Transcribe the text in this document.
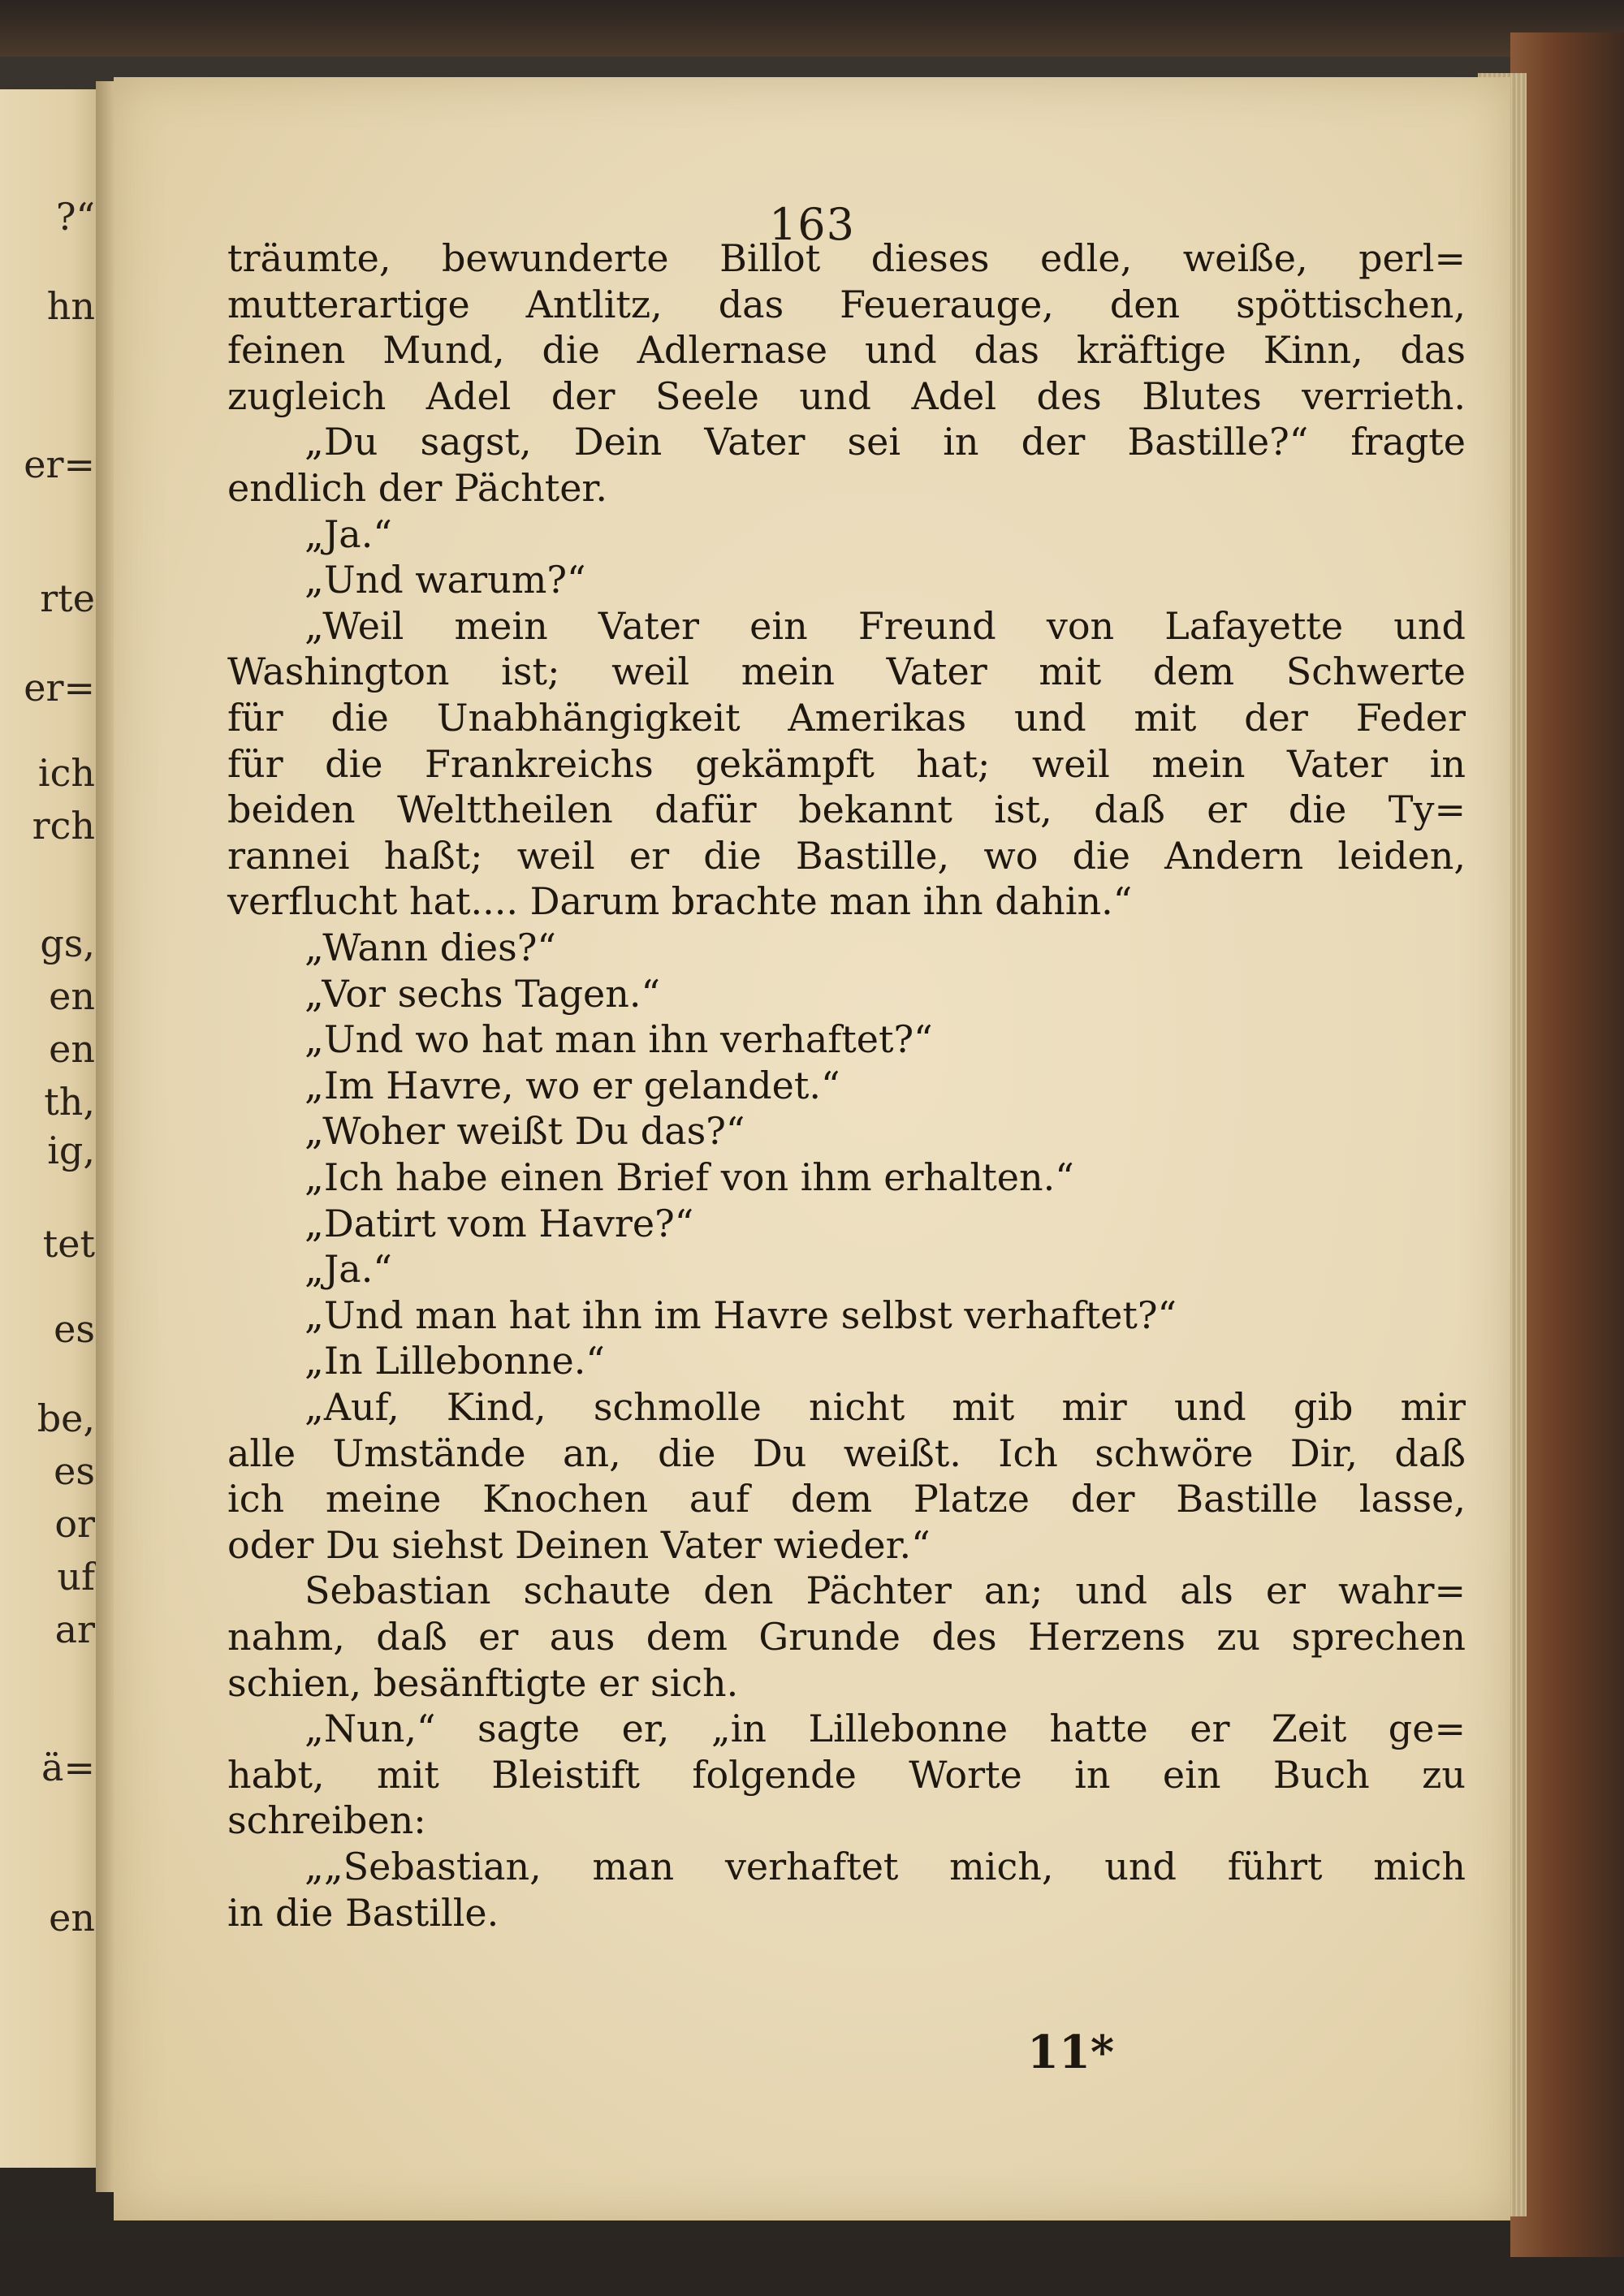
?“
hn
er=
rte
er=
ich
rch
gs,
en
en
th,
ig,
tet
es
be,
es
or
uf
ar
ä=
en
163
11*
träumte, bewunderte Billot dieses edle, weiße, perl=
mutterartige Antlitz, das Feuerauge, den spöttischen,
feinen Mund, die Adlernase und das kräftige Kinn, das
zugleich Adel der Seele und Adel des Blutes verrieth.
„Du sagst, Dein Vater sei in der Bastille?“ fragte
endlich der Pächter.
„Ja.“
„Und warum?“
„Weil mein Vater ein Freund von Lafayette und
Washington ist; weil mein Vater mit dem Schwerte
für die Unabhängigkeit Amerikas und mit der Feder
für die Frankreichs gekämpft hat; weil mein Vater in
beiden Welttheilen dafür bekannt ist, daß er die Ty=
rannei haßt; weil er die Bastille, wo die Andern leiden,
verflucht hat.... Darum brachte man ihn dahin.“
„Wann dies?“
„Vor sechs Tagen.“
„Und wo hat man ihn verhaftet?“
„Im Havre, wo er gelandet.“
„Woher weißt Du das?“
„Ich habe einen Brief von ihm erhalten.“
„Datirt vom Havre?“
„Ja.“
„Und man hat ihn im Havre selbst verhaftet?“
„In Lillebonne.“
„Auf, Kind, schmolle nicht mit mir und gib mir
alle Umstände an, die Du weißt. Ich schwöre Dir, daß
ich meine Knochen auf dem Platze der Bastille lasse,
oder Du siehst Deinen Vater wieder.“
Sebastian schaute den Pächter an; und als er wahr=
nahm, daß er aus dem Grunde des Herzens zu sprechen
schien, besänftigte er sich.
„Nun,“ sagte er, „in Lillebonne hatte er Zeit ge=
habt, mit Bleistift folgende Worte in ein Buch zu
schreiben:
„„Sebastian, man verhaftet mich, und führt mich
in die Bastille.
